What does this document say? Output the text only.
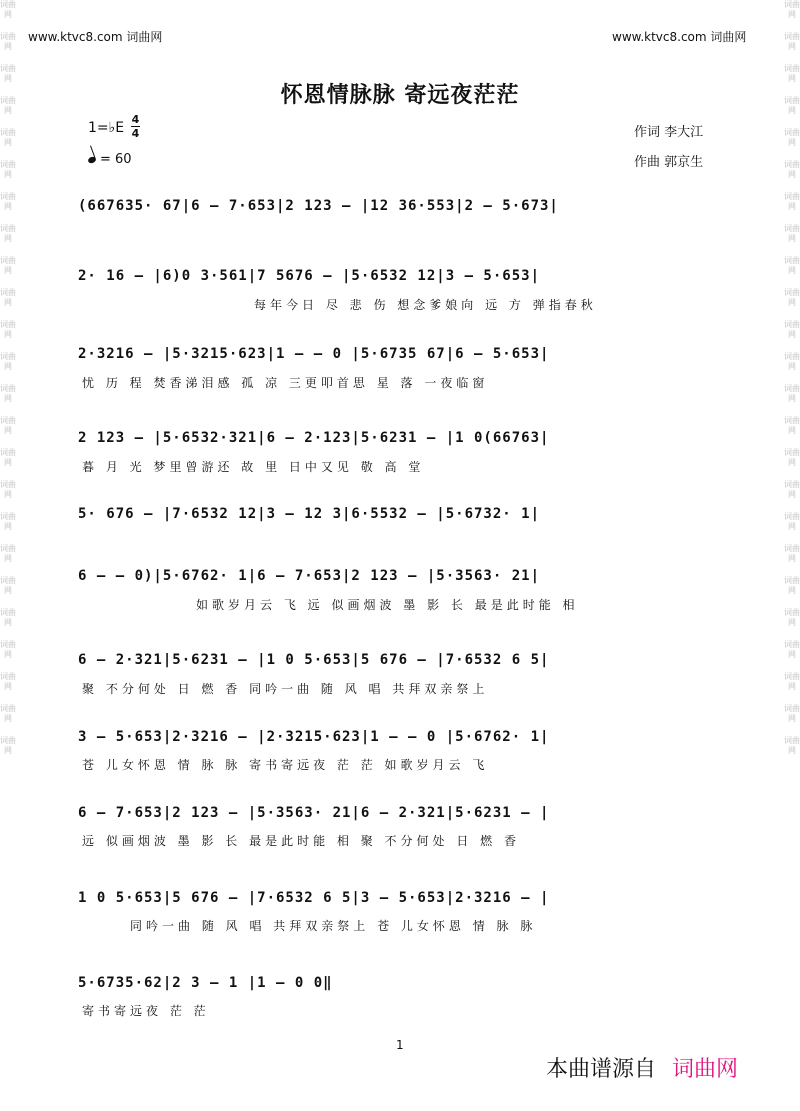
词曲网
词曲网
词曲网
词曲网
词曲网
词曲网
词曲网
词曲网
词曲网
词曲网
词曲网
词曲网
词曲网
词曲网
词曲网
词曲网
词曲网
词曲网
词曲网
词曲网
词曲网
词曲网
词曲网
词曲网
词曲网
词曲网
词曲网
词曲网
词曲网
词曲网
词曲网
词曲网
词曲网
词曲网
词曲网
词曲网
词曲网
词曲网
词曲网
词曲网
词曲网
词曲网
词曲网
词曲网
词曲网
词曲网
词曲网
词曲网
www.ktvc8.com 词曲网	www.ktvc8.com 词曲网
怀恩情脉脉 寄远夜茫茫
1=♭E
4
4
= 60
作词 李大江
作曲 郭京生
(667635· 67|6 – 7·653|2 123 – |12 36·553|2 – 5·673|
2· 16 – |6)0 3·561|7 5676 – |5·6532 12|3 – 5·653|
每年今日 尽 悲 伤 想念爹娘向 远 方 弹指春秋
2·3216 – |5·3215·623|1 – – 0 |5·6735 67|6 – 5·653|
忧 历 程 焚香涕泪感 孤 凉 三更叩首思 星 落 一夜临窗
2 123 – |5·6532·321|6 – 2·123|5·6231 – |1 0(66763|
暮 月 光 梦里曾游还 故 里 日中又见 敬 高 堂
5· 676 – |7·6532 12|3 – 12 3|6·5532 – |5·6732· 1|
6 – – 0)|5·6762· 1|6 – 7·653|2 123 – |5·3563· 21|
如歌岁月云 飞 远 似画烟波 墨 影 长 最是此时能 相
6 – 2·321|5·6231 – |1 0 5·653|5 676 – |7·6532 6 5|
聚 不分何处 日 燃 香 同吟一曲 随 风 唱 共拜双亲祭上
3 – 5·653|2·3216 – |2·3215·623|1 – – 0 |5·6762· 1|
苍 儿女怀恩 情 脉 脉 寄书寄远夜 茫 茫 如歌岁月云 飞
6 – 7·653|2 123 – |5·3563· 21|6 – 2·321|5·6231 – |
远 似画烟波 墨 影 长 最是此时能 相 聚 不分何处 日 燃 香
1 0 5·653|5 676 – |7·6532 6 5|3 – 5·653|2·3216 – |
同吟一曲 随 风 唱 共拜双亲祭上 苍 儿女怀恩 情 脉 脉
5·6735·62|2 3 – 1 |1 – 0 0‖
寄书寄远夜 茫 茫
1
本曲谱源自 词曲网
